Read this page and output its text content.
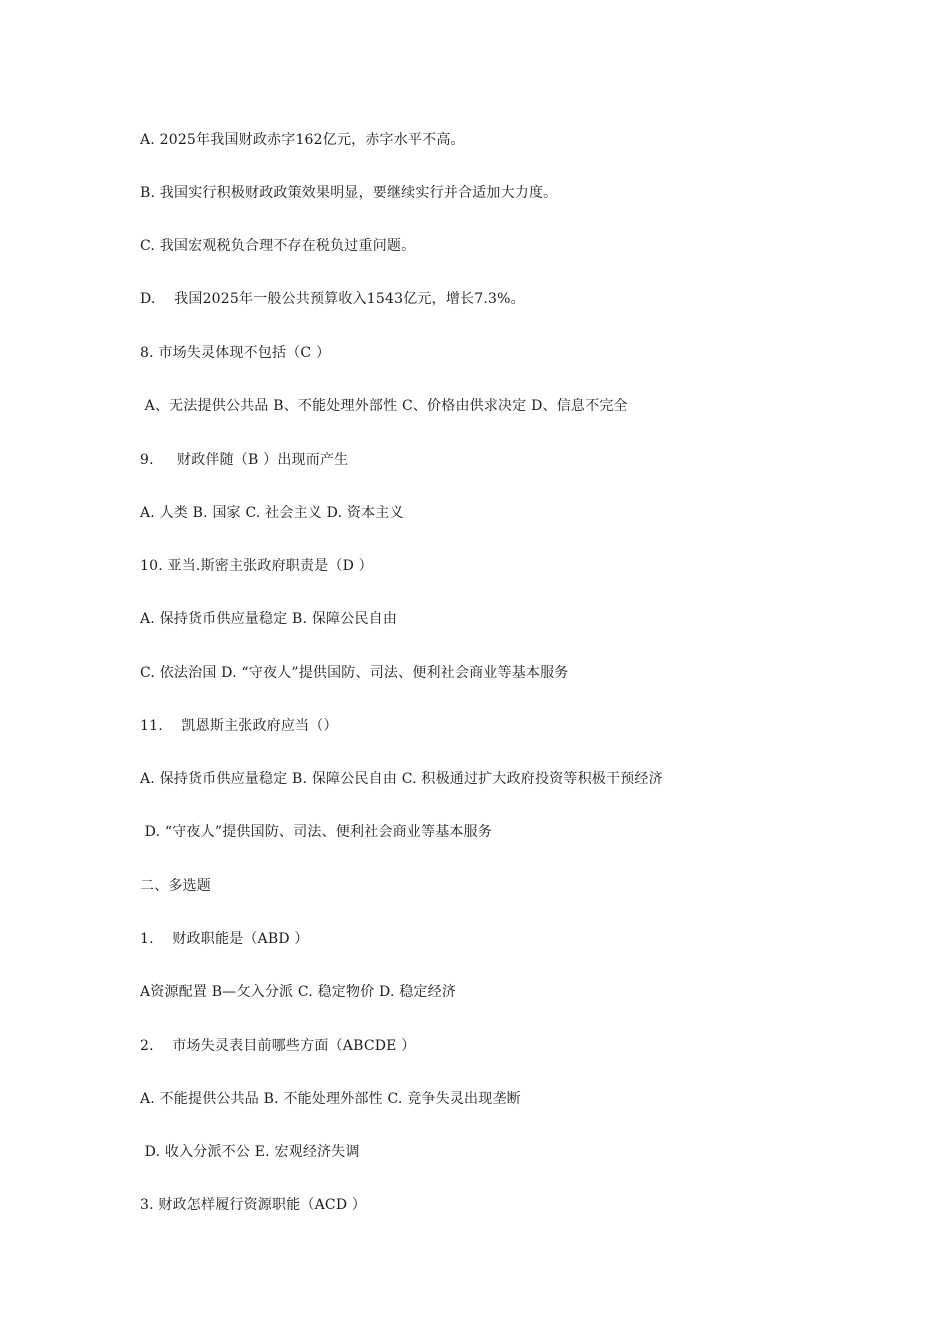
A. 2025年我国财政赤字162亿元，赤字水平不高。
B. 我国实行积极财政政策效果明显，要继续实行并合适加大力度。
C. 我国宏观税负合理不存在税负过重问题。
D.    我国2025年一般公共预算收入1543亿元，增长7.3%。
8. 市场失灵体现不包括（C ）
A、无法提供公共品 B、不能处理外部性 C、价格由供求决定 D、信息不完全
9.     财政伴随（B ）出现而产生
A. 人类 B. 国家 C. 社会主义 D. 资本主义
10. 亚当.斯密主张政府职责是（D ）
A. 保持货币供应量稳定 B. 保障公民自由
C. 依法治国 D. “守夜人”提供国防、司法、便利社会商业等基本服务
11.    凯恩斯主张政府应当（）
A. 保持货币供应量稳定 B. 保障公民自由 C. 积极通过扩大政府投资等积极干预经济
D. “守夜人”提供国防、司法、便利社会商业等基本服务
二、多选题
1.    财政职能是（ABD ）
A资源配置 B—攵入分派 C. 稳定物价 D. 稳定经济
2.    市场失灵表目前哪些方面（ABCDE ）
A. 不能提供公共品 B. 不能处理外部性 C. 竞争失灵出现垄断
D. 收入分派不公 E. 宏观经济失调
3. 财政怎样履行资源职能（ACD ）
